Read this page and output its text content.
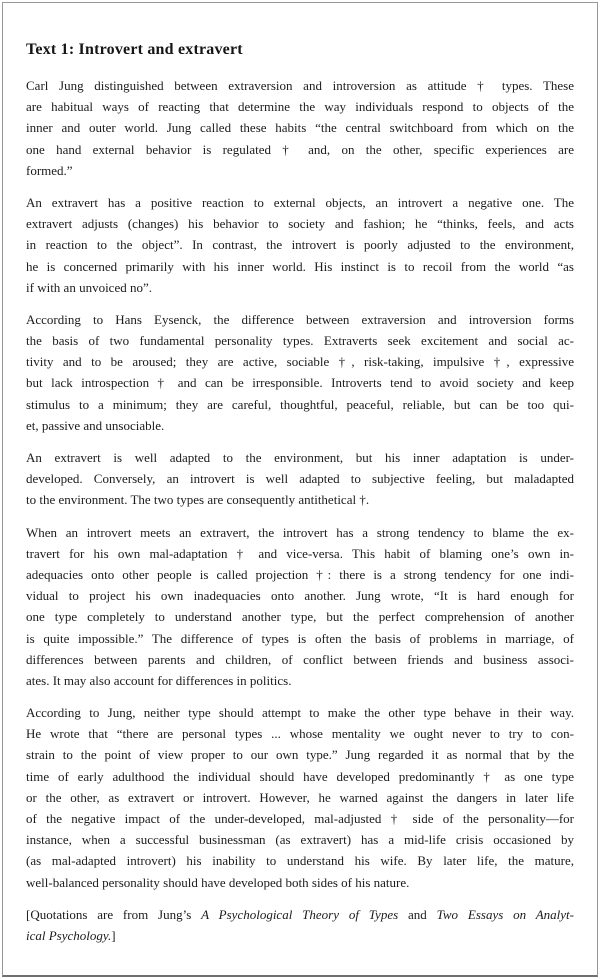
Text 1: Introvert and extravert
Carl Jung distinguished between extraversion and introversion as attitude † types. These
are habitual ways of reacting that determine the way individuals respond to objects of the
inner and outer world. Jung called these habits “the central switchboard from which on the
one hand external behavior is regulated † and, on the other, specific experiences are
formed.”
An extravert has a positive reaction to external objects, an introvert a negative one. The
extravert adjusts (changes) his behavior to society and fashion; he “thinks, feels, and acts
in reaction to the object”. In contrast, the introvert is poorly adjusted to the environment,
he is concerned primarily with his inner world. His instinct is to recoil from the world “as
if with an unvoiced no”.
According to Hans Eysenck, the difference between extraversion and introversion forms
the basis of two fundamental personality types. Extraverts seek excitement and social ac-
tivity and to be aroused; they are active, sociable †, risk-taking, impulsive †, expressive
but lack introspection † and can be irresponsible. Introverts tend to avoid society and keep
stimulus to a minimum; they are careful, thoughtful, peaceful, reliable, but can be too qui-
et, passive and unsociable.
An extravert is well adapted to the environment, but his inner adaptation is under-
developed. Conversely, an introvert is well adapted to subjective feeling, but maladapted
to the environment. The two types are consequently antithetical †.
When an introvert meets an extravert, the introvert has a strong tendency to blame the ex-
travert for his own mal-adaptation † and vice-versa. This habit of blaming one’s own in-
adequacies onto other people is called projection †: there is a strong tendency for one indi-
vidual to project his own inadequacies onto another. Jung wrote, “It is hard enough for
one type completely to understand another type, but the perfect comprehension of another
is quite impossible.” The difference of types is often the basis of problems in marriage, of
differences between parents and children, of conflict between friends and business associ-
ates. It may also account for differences in politics.
According to Jung, neither type should attempt to make the other type behave in their way.
He wrote that “there are personal types ... whose mentality we ought never to try to con-
strain to the point of view proper to our own type.” Jung regarded it as normal that by the
time of early adulthood the individual should have developed predominantly † as one type
or the other, as extravert or introvert. However, he warned against the dangers in later life
of the negative impact of the under-developed, mal-adjusted † side of the personality—for
instance, when a successful businessman (as extravert) has a mid-life crisis occasioned by
(as mal-adapted introvert) his inability to understand his wife. By later life, the mature,
well-balanced personality should have developed both sides of his nature.
[Quotations are from Jung’s A Psychological Theory of Types and Two Essays on Analyt-
ical Psychology.]
